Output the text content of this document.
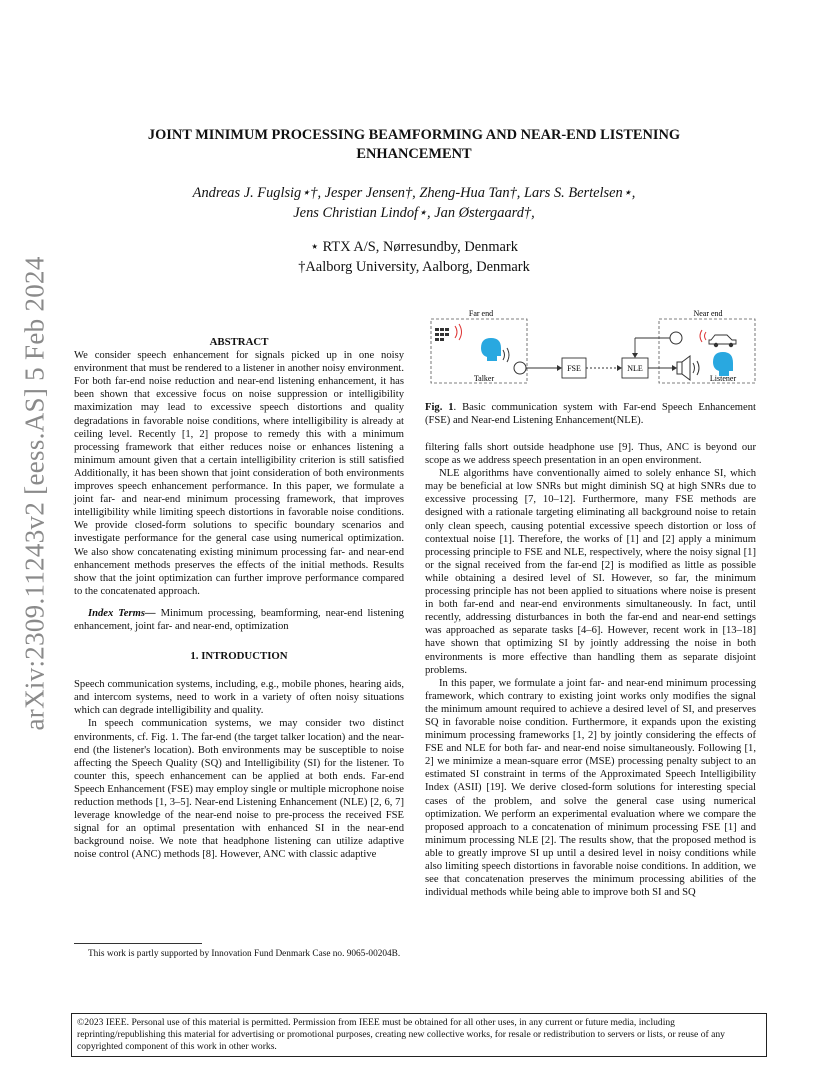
arXiv:2309.11243v2 [eess.AS] 5 Feb 2024
JOINT MINIMUM PROCESSING BEAMFORMING AND NEAR-END LISTENING
ENHANCEMENT
Andreas J. Fuglsig⋆†, Jesper Jensen†, Zheng-Hua Tan†, Lars S. Bertelsen⋆,
Jens Christian Lindof⋆, Jan Østergaard†,
⋆ RTX A/S, Nørresundby, Denmark
†Aalborg University, Aalborg, Denmark

ABSTRACT

We consider speech enhancement for signals picked up in one noisy environment that must be rendered to a listener in another noisy environment. For both far-end noise reduction and near-end listening enhancement, it has been shown that excessive focus on noise suppression or intelligibility maximization may lead to excessive speech distortions and quality degradations in favorable noise conditions, where intelligibility is already at ceiling level. Recently [1, 2] propose to remedy this with a minimum processing framework that either reduces noise or enhances listening a minimum amount given that a certain intelligibility criterion is still satisfied Additionally, it has been shown that joint consideration of both environments improves speech enhancement performance. In this paper, we formulate a joint far- and near-end minimum processing framework, that improves intelligibility while limiting speech distortions in favorable noise conditions. We provide closed-form solutions to specific boundary scenarios and investigate performance for the general case using numerical optimization. We also show concatenating existing minimum processing far- and near-end enhancement methods preserves the effects of the initial methods. Results show that the joint optimization can further improve performance compared to the concatenated approach.

Index Terms— Minimum processing, beamforming, near-end listening enhancement, joint far- and near-end, optimization

1. INTRODUCTION

Speech communication systems, including, e.g., mobile phones, hearing aids, and intercom systems, need to work in a variety of often noisy situations which can degrade intelligibility and quality.

In speech communication systems, we may consider two distinct environments, cf. Fig. 1. The far-end (the target talker location) and the near-end (the listener's location). Both environments may be susceptible to noise affecting the Speech Quality (SQ) and Intelligibility (SI) for the listener. To counter this, speech enhancement can be applied at both ends. Far-end Speech Enhancement (FSE) may employ single or multiple microphone noise reduction methods [1, 3–5]. Near-end Listening Enhancement (NLE) [2, 6, 7] leverage knowledge of the near-end noise to pre-process the received FSE signal for an optimal presentation with enhanced SI in the near-end background noise. We note that headphone listening can utilize adaptive noise control (ANC) methods [8]. However, ANC with classic adaptive

This work is partly supported by Innovation Fund Denmark Case no. 9065-00204B.
Far end	Near end
Talker
FSE	NLE
Listener
Fig. 1. Basic communication system with Far-end Speech Enhancement (FSE) and Near-end Listening Enhancement(NLE).

filtering falls short outside headphone use [9]. Thus, ANC is beyond our scope as we address speech presentation in an open environment.

NLE algorithms have conventionally aimed to solely enhance SI, which may be beneficial at low SNRs but might diminish SQ at high SNRs due to excessive processing [7, 10–12]. Furthermore, many FSE methods are designed with a rationale targeting eliminating all background noise to retain only clean speech, causing potential excessive speech distortion or loss of contextual noise [1]. Therefore, the works of [1] and [2] apply a minimum processing principle to FSE and NLE, respectively, where the noisy signal [1] or the signal received from the far-end [2] is modified as little as possible while obtaining a desired level of SI. However, so far, the minimum processing principle has not been applied to situations where noise is present in both far-end and near-end environments simultaneously. In fact, until recently, addressing disturbances in both the far-end and near-end settings was approached as separate tasks [4–6]. However, recent work in [13–18] have shown that optimizing SI by jointly addressing the noise in both environments is more effective than handling them as separate disjoint problems.

In this paper, we formulate a joint far- and near-end minimum processing framework, which contrary to existing joint works only modifies the signal the minimum amount required to achieve a desired level of SI, and preserves SQ in favorable noise condition. Furthermore, it expands upon the existing minimum processing frameworks [1, 2] by jointly considering the effects of FSE and NLE for both far- and near-end noise simultaneously. Following [1, 2] we minimize a mean-square error (MSE) processing penalty subject to an estimated SI constraint in terms of the Approximated Speech Intelligibility Index (ASII) [19]. We derive closed-form solutions for interesting special cases of the problem, and solve the general case using numerical optimization. We perform an experimental evaluation where we compare the proposed approach to a concatenation of minimum processing FSE [1] and minimum processing NLE [2]. The results show, that the proposed method is able to greatly improve SI up until a desired level in noisy conditions while also limiting speech distortions in favorable noise conditions. In addition, we see that concatenation preserves the minimum processing abilities of the individual methods while being able to improve both SI and SQ

©2023 IEEE. Personal use of this material is permitted. Permission from IEEE must be obtained for all other uses, in any current or future media, including reprinting/republishing this material for advertising or promotional purposes, creating new collective works, for resale or redistribution to servers or lists, or reuse of any copyrighted component of this work in other works.
